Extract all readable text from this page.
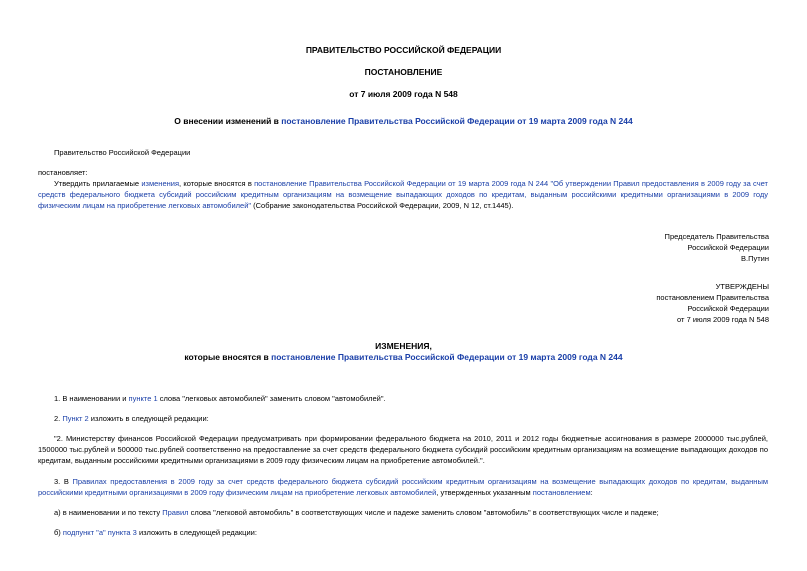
ПРАВИТЕЛЬСТВО РОССИЙСКОЙ ФЕДЕРАЦИИ
ПОСТАНОВЛЕНИЕ
от 7 июля 2009 года N 548
О внесении изменений в постановление Правительства Российской Федерации от 19 марта 2009 года N 244
Правительство Российской Федерации
постановляет:
Утвердить прилагаемые изменения, которые вносятся в постановление Правительства Российской Федерации от 19 марта 2009 года N 244 "Об утверждении Правил предоставления в 2009 году за счет средств федерального бюджета субсидий российским кредитным организациям на возмещение выпадающих доходов по кредитам, выданным российскими кредитными организациями в 2009 году физическим лицам на приобретение легковых автомобилей" (Собрание законодательства Российской Федерации, 2009, N 12, ст.1445).
Председатель Правительства
Российской Федерации
В.Путин
УТВЕРЖДЕНЫ
постановлением Правительства
Российской Федерации
от 7 июля 2009 года N 548
ИЗМЕНЕНИЯ,
которые вносятся в постановление Правительства Российской Федерации от 19 марта 2009 года N 244
1. В наименовании и пункте 1 слова "легковых автомобилей" заменить словом "автомобилей".
2. Пункт 2 изложить в следующей редакции:
"2. Министерству финансов Российской Федерации предусматривать при формировании федерального бюджета на 2010, 2011 и 2012 годы бюджетные ассигнования в размере 2000000 тыс.рублей, 1500000 тыс.рублей и 500000 тыс.рублей соответственно на предоставление за счет средств федерального бюджета субсидий российским кредитным организациям на возмещение выпадающих доходов по кредитам, выданным российскими кредитными организациями в 2009 году физическим лицам на приобретение автомобилей.".
3. В Правилах предоставления в 2009 году за счет средств федерального бюджета субсидий российским кредитным организациям на возмещение выпадающих доходов по кредитам, выданным российскими кредитными организациями в 2009 году физическим лицам на приобретение легковых автомобилей, утвержденных указанным постановлением:
а) в наименовании и по тексту Правил слова "легковой автомобиль" в соответствующих числе и падеже заменить словом "автомобиль" в соответствующих числе и падеже;
б) подпункт "а" пункта 3 изложить в следующей редакции:
